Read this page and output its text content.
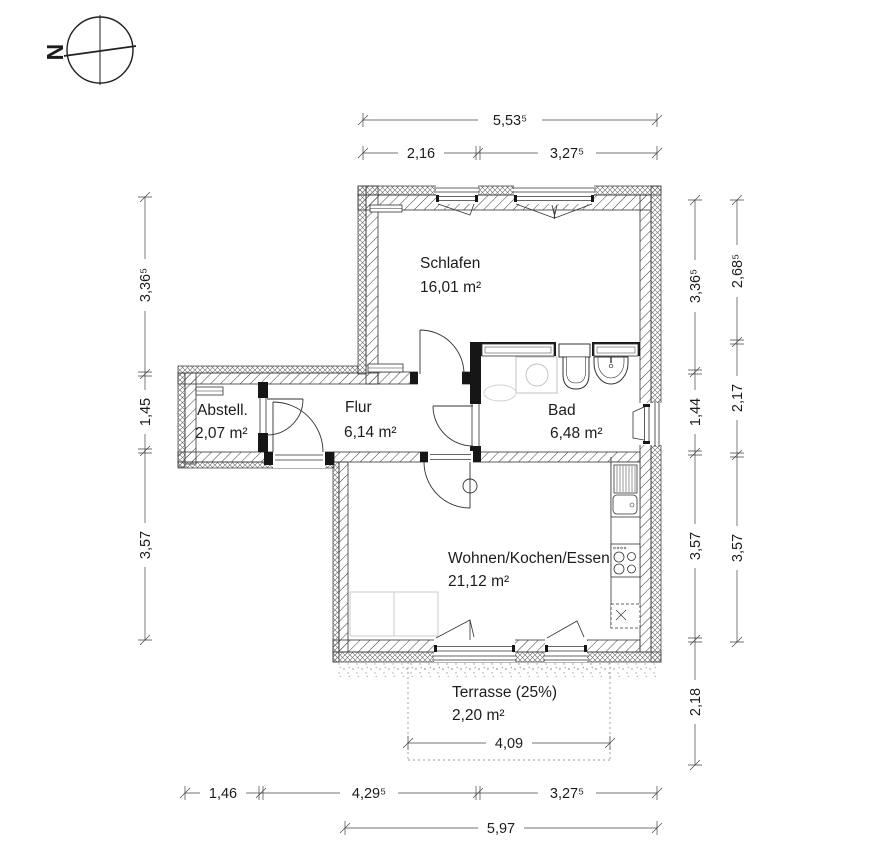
Schlafen
16,01 m²
Abstell.
2,07 m²
Flur
6,14 m²
Bad
6,48 m²
Wohnen/Kochen/Essen
21,12 m²
Terrasse (25%)
2,20 m²
5,53⁵
2,16	3,27⁵
3,36⁵
1,45
3,57
3,36⁵
1,44
3,57
2,18
2,68⁵
2,17
3,57
4,09
1,46	4,29⁵	3,27⁵
5,97
N
